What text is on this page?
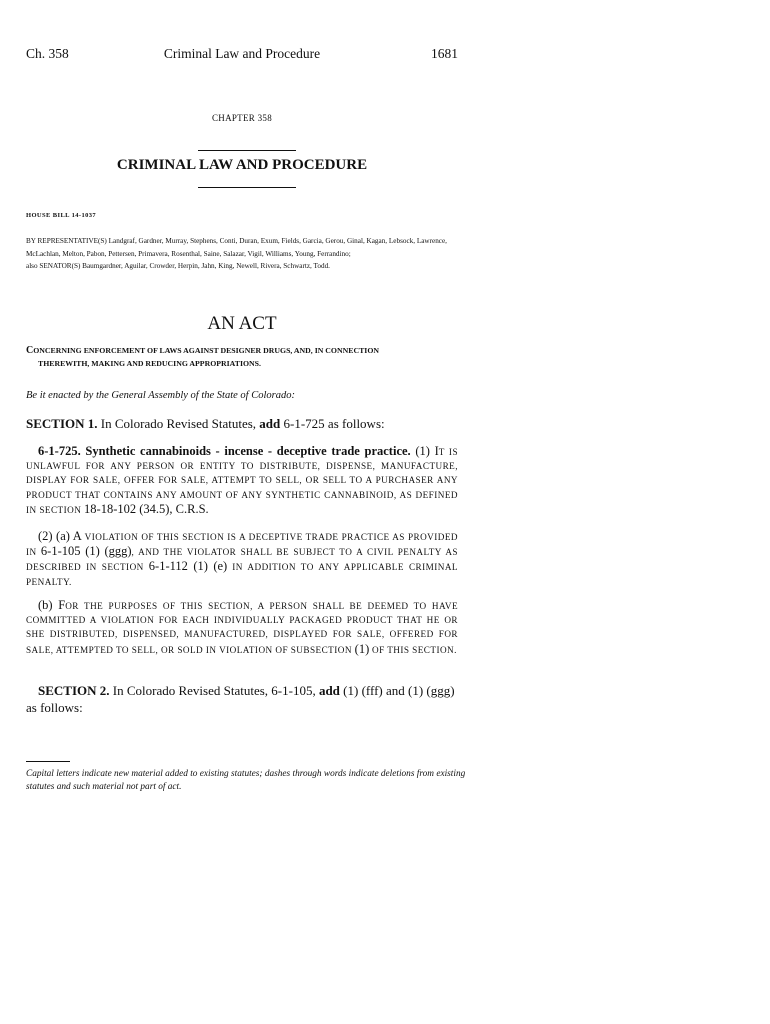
Ch. 358	Criminal Law and Procedure	1681
CHAPTER 358
CRIMINAL LAW AND PROCEDURE
HOUSE BILL 14-1037

BY REPRESENTATIVE(S) Landgraf, Gardner, Murray, Stephens, Conti, Duran, Exum, Fields, Garcia, Gerou, Ginal, Kagan, Lebsock, Lawrence, McLachlan, Melton, Pabon, Pettersen, Primavera, Rosenthal, Saine, Salazar, Vigil, Williams, Young, Ferrandino;

also SENATOR(S) Baumgardner, Aguilar, Crowder, Herpin, Jahn, King, Newell, Rivera, Schwartz, Todd.

AN ACT
CONCERNING ENFORCEMENT OF LAWS AGAINST DESIGNER DRUGS, AND, IN CONNECTION
THEREWITH, MAKING AND REDUCING APPROPRIATIONS.
Be it enacted by the General Assembly of the State of Colorado:
SECTION 1. In Colorado Revised Statutes, add 6-1-725 as follows:
6-1-725. Synthetic cannabinoids - incense - deceptive trade practice. (1) IT IS UNLAWFUL FOR ANY PERSON OR ENTITY TO DISTRIBUTE, DISPENSE, MANUFACTURE, DISPLAY FOR SALE, OFFER FOR SALE, ATTEMPT TO SELL, OR SELL TO A PURCHASER ANY PRODUCT THAT CONTAINS ANY AMOUNT OF ANY SYNTHETIC CANNABINOID, AS DEFINED IN SECTION 18-18-102 (34.5), C.R.S.
(2) (a) A VIOLATION OF THIS SECTION IS A DECEPTIVE TRADE PRACTICE AS PROVIDED IN 6-1-105 (1) (ggg), AND THE VIOLATOR SHALL BE SUBJECT TO A CIVIL PENALTY AS DESCRIBED IN SECTION 6-1-112 (1) (e) IN ADDITION TO ANY APPLICABLE CRIMINAL PENALTY.
(b) FOR THE PURPOSES OF THIS SECTION, A PERSON SHALL BE DEEMED TO HAVE COMMITTED A VIOLATION FOR EACH INDIVIDUALLY PACKAGED PRODUCT THAT HE OR SHE DISTRIBUTED, DISPENSED, MANUFACTURED, DISPLAYED FOR SALE, OFFERED FOR SALE, ATTEMPTED TO SELL, OR SOLD IN VIOLATION OF SUBSECTION (1) OF THIS SECTION.
SECTION 2. In Colorado Revised Statutes, 6-1-105, add (1) (fff) and (1) (ggg) as follows:
Capital letters indicate new material added to existing statutes; dashes through words indicate deletions from existing statutes and such material not part of act.
